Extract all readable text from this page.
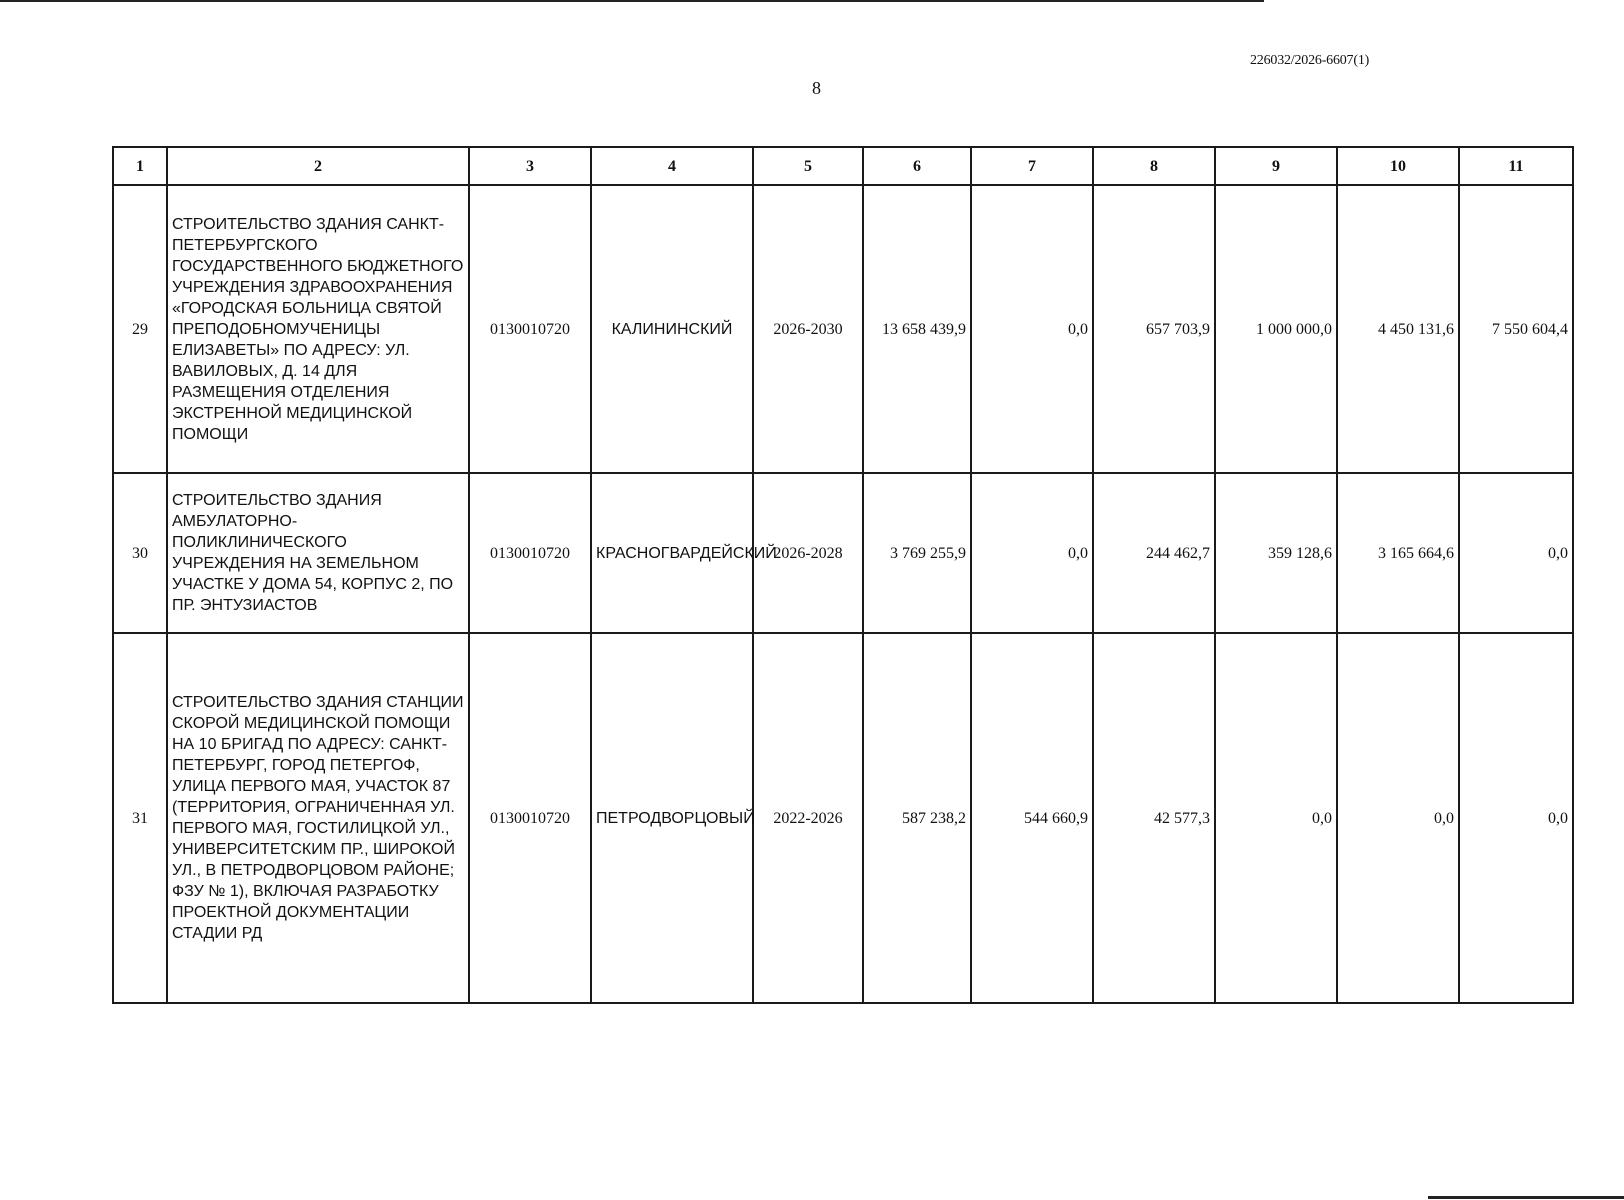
226032/2026-6607(1)
8
1	2	3	4	5	6	7	8	9	10	11
29	СТРОИТЕЛЬСТВО ЗДАНИЯ САНКТ-ПЕТЕРБУРГСКОГО ГОСУДАРСТВЕННОГО БЮДЖЕТНОГО УЧРЕЖДЕНИЯ ЗДРАВООХРАНЕНИЯ «ГОРОДСКАЯ БОЛЬНИЦА СВЯТОЙ ПРЕПОДОБНОМУЧЕНИЦЫ ЕЛИЗАВЕТЫ» ПО АДРЕСУ: УЛ. ВАВИЛОВЫХ, Д. 14 ДЛЯ РАЗМЕЩЕНИЯ ОТДЕЛЕНИЯ ЭКСТРЕННОЙ МЕДИЦИНСКОЙ ПОМОЩИ	0130010720	КАЛИНИНСКИЙ	2026-2030	13 658 439,9	0,0	657 703,9	1 000 000,0	4 450 131,6	7 550 604,4
30	СТРОИТЕЛЬСТВО ЗДАНИЯ АМБУЛАТОРНО-ПОЛИКЛИНИЧЕСКОГО УЧРЕЖДЕНИЯ НА ЗЕМЕЛЬНОМ УЧАСТКЕ У ДОМА 54, КОРПУС 2, ПО ПР. ЭНТУЗИАСТОВ	0130010720	КРАСНОГВАРДЕЙСКИЙ	2026-2028	3 769 255,9	0,0	244 462,7	359 128,6	3 165 664,6	0,0
31	СТРОИТЕЛЬСТВО ЗДАНИЯ СТАНЦИИ СКОРОЙ МЕДИЦИНСКОЙ ПОМОЩИ НА 10 БРИГАД ПО АДРЕСУ: САНКТ-ПЕТЕРБУРГ, ГОРОД ПЕТЕРГОФ, УЛИЦА ПЕРВОГО МАЯ, УЧАСТОК 87 (ТЕРРИТОРИЯ, ОГРАНИЧЕННАЯ УЛ. ПЕРВОГО МАЯ, ГОСТИЛИЦКОЙ УЛ., УНИВЕРСИТЕТСКИМ ПР., ШИРОКОЙ УЛ., В ПЕТРОДВОРЦОВОМ РАЙОНЕ; ФЗУ № 1), ВКЛЮЧАЯ РАЗРАБОТКУ ПРОЕКТНОЙ ДОКУМЕНТАЦИИ СТАДИИ РД	0130010720	ПЕТРОДВОРЦОВЫЙ	2022-2026	587 238,2	544 660,9	42 577,3	0,0	0,0	0,0
